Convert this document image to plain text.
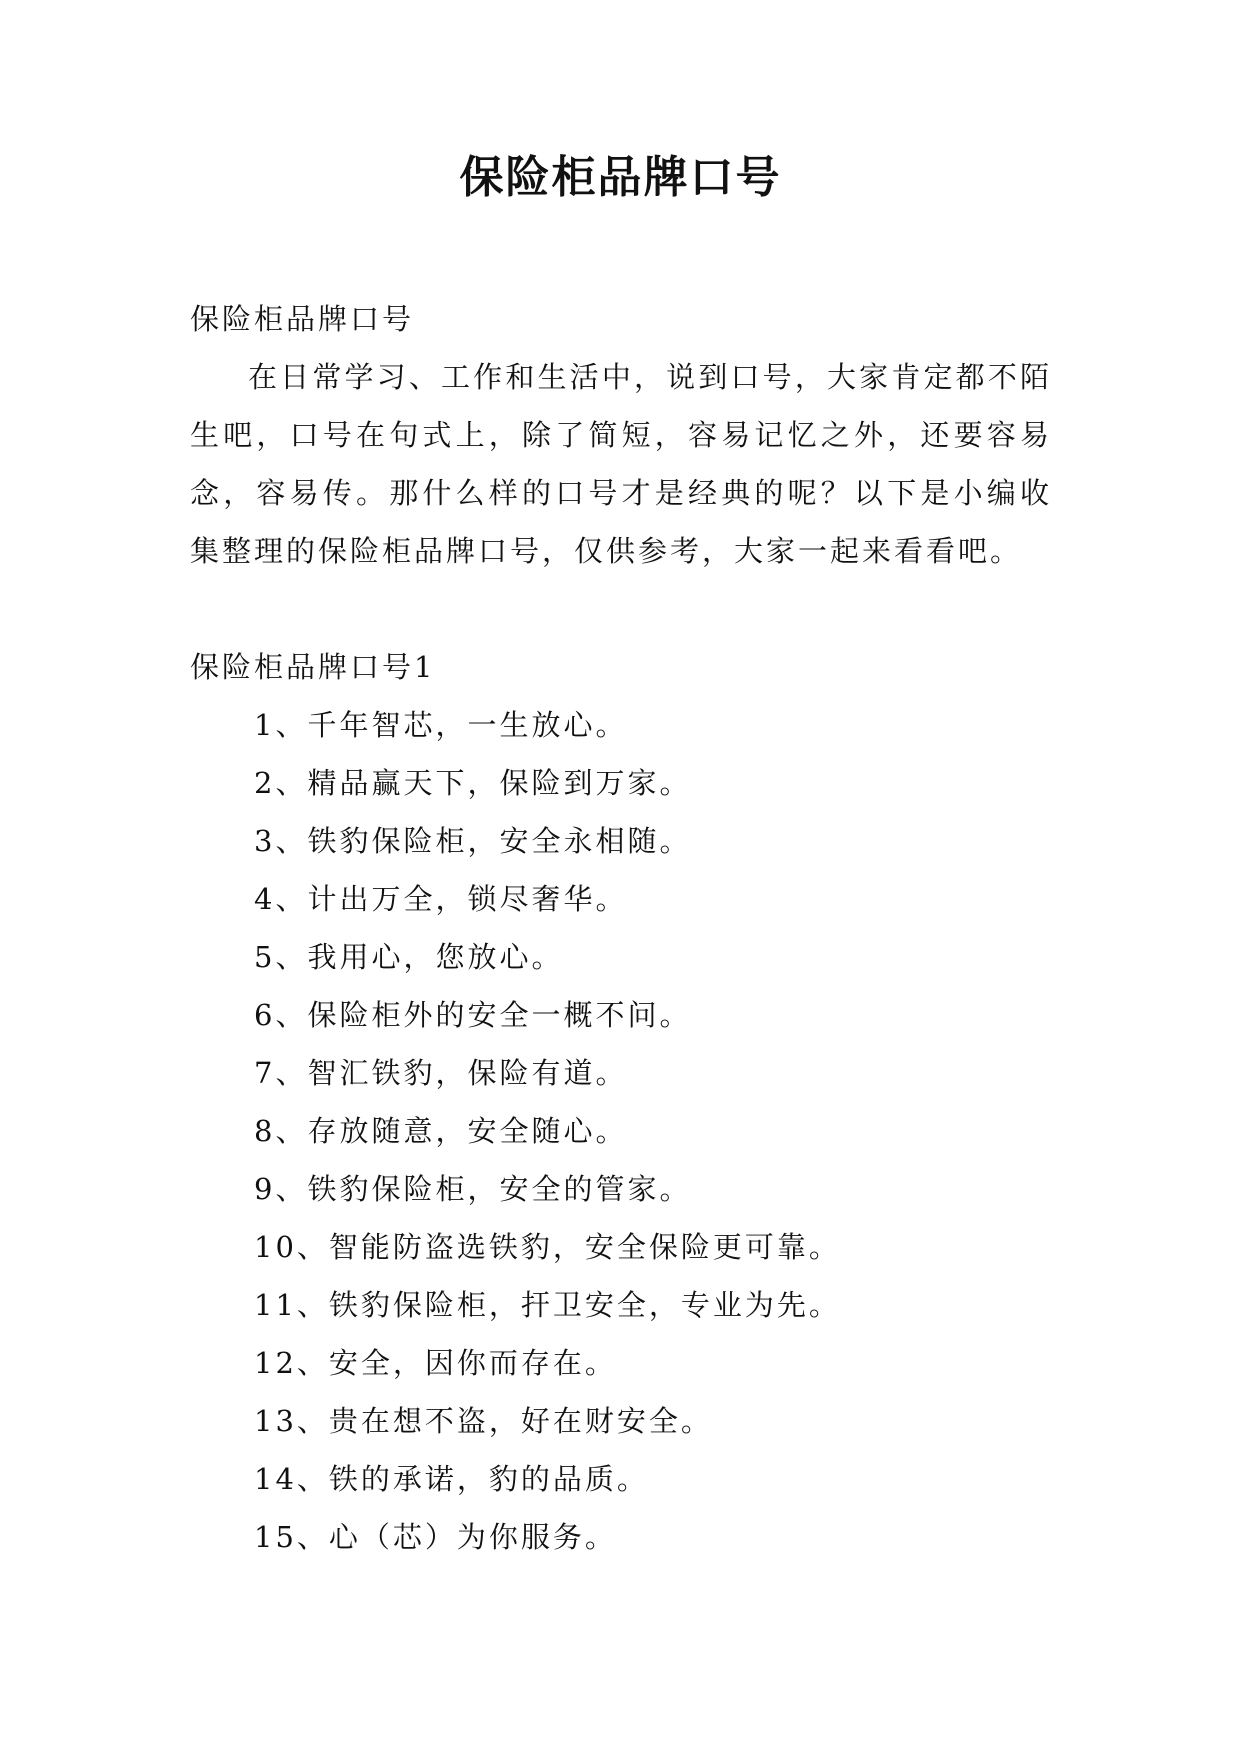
保险柜品牌口号

保险柜品牌口号

在日常学习、工作和生活中，说到口号，大家肯定都不陌生吧，口号在句式上，除了简短，容易记忆之外，还要容易念，容易传。那什么样的口号才是经典的呢？以下是小编收集整理的保险柜品牌口号，仅供参考，大家一起来看看吧。

保险柜品牌口号1

1、千年智芯，一生放心。
2、精品赢天下，保险到万家。
3、铁豹保险柜，安全永相随。
4、计出万全，锁尽奢华。
5、我用心，您放心。
6、保险柜外的安全一概不问。
7、智汇铁豹，保险有道。
8、存放随意，安全随心。
9、铁豹保险柜，安全的管家。
10、智能防盗选铁豹，安全保险更可靠。
11、铁豹保险柜，扞卫安全，专业为先。
12、安全，因你而存在。
13、贵在想不盗，好在财安全。
14、铁的承诺，豹的品质。
15、心（芯）为你服务。
